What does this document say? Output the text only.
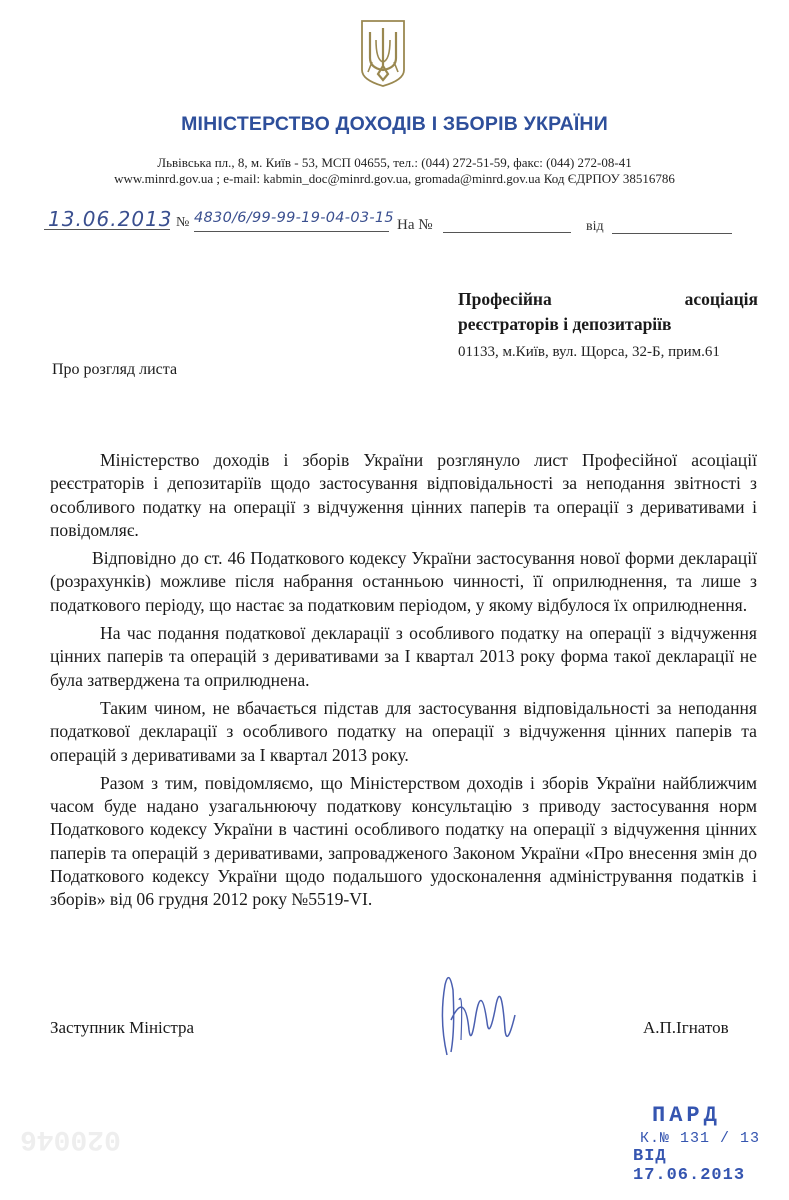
МІНІСТЕРСТВО ДОХОДІВ І ЗБОРІВ УКРАЇНИ
Львівська пл., 8, м. Київ - 53, МСП 04655, тел.: (044) 272-51-59, факс: (044) 272-08-41
www.minrd.gov.ua ; e-mail: kabmin_doc@minrd.gov.ua, gromada@minrd.gov.ua Код ЄДРПОУ 38516786
13.06.2013 № 4830/6/99-99-19-04-03-15 На №	від
Професійна	асоціація
реєстраторів і депозитаріїв
01133, м.Київ, вул. Щорса, 32-Б, прим.61
Про розгляд листа

Міністерство доходів і зборів України розглянуло лист Професійної асоціації реєстраторів і депозитаріїв щодо застосування відповідальності за неподання звітності з особливого податку на операції з відчуження цінних паперів та операції з деривативами і повідомляє.

Відповідно до ст. 46 Податкового кодексу України застосування нової форми декларації (розрахунків) можливе після набрання останньою чинності, її оприлюднення, та лише з податкового періоду, що настає за податковим періодом, у якому відбулося їх оприлюднення.

На час подання податкової декларації з особливого податку на операції з відчуження цінних паперів та операцій з деривативами за I квартал 2013 року форма такої декларації не була затверджена та оприлюднена.

Таким чином, не вбачається підстав для застосування відповідальності за неподання податкової декларації з особливого податку на операції з відчуження цінних паперів та операцій з деривативами за I квартал 2013 року.

Разом з тим, повідомляємо, що Міністерством доходів і зборів України найближчим часом буде надано узагальнюючу податкову консультацію з приводу застосування норм Податкового кодексу України в частині особливого податку на операції з відчуження цінних паперів та операцій з деривативами, запровадженого Законом України «Про внесення змін до Податкового кодексу України щодо подальшого удосконалення адміністрування податків і зборів» від 06 грудня 2012 року №5519-VI.

Заступник Міністра	А.П.Ігнатов
020046
ПАРД
К.№ 131 / 13
ВІД 17.06.2013
